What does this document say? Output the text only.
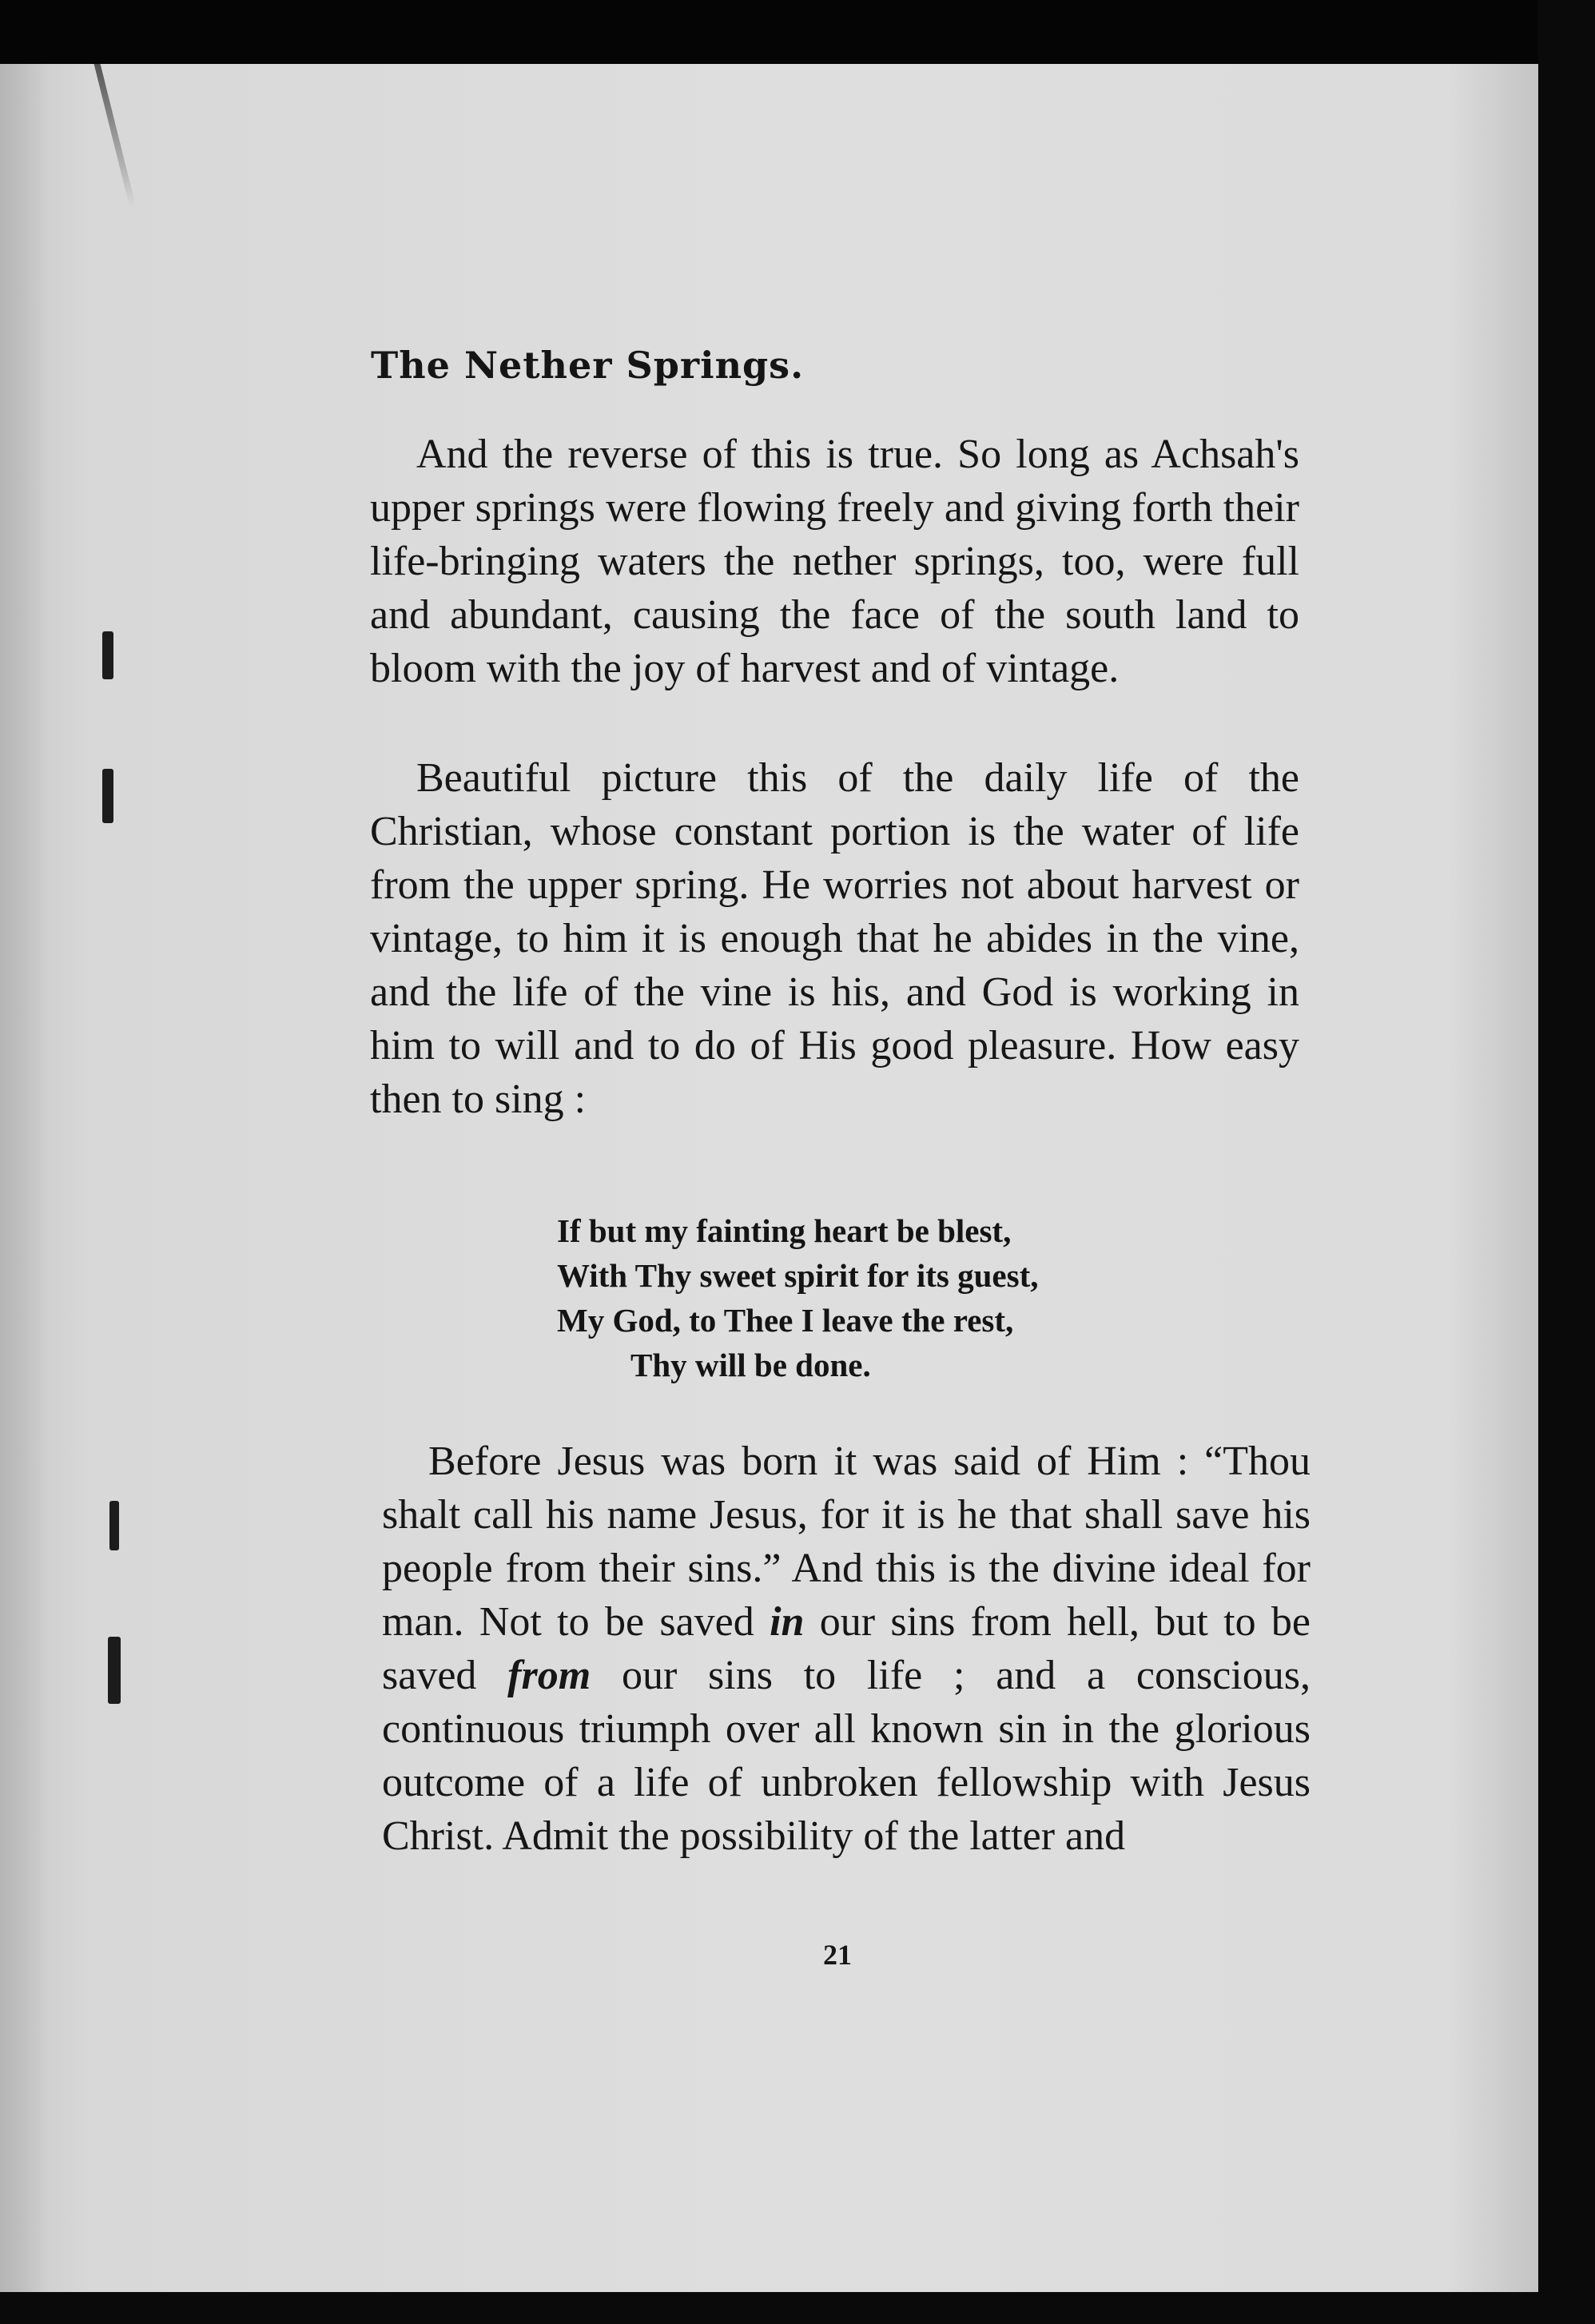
The Nether Springs.

And the reverse of this is true. So long as Achsah's upper springs were flowing freely and giving forth their life-bringing waters the nether springs, too, were full and abundant, causing the face of the south land to bloom with the joy of harvest and of vintage.

Beautiful picture this of the daily life of the Christian, whose constant portion is the water of life from the upper spring. He worries not about harvest or vintage, to him it is enough that he abides in the vine, and the life of the vine is his, and God is working in him to will and to do of His good pleasure. How easy then to sing :

If but my fainting heart be blest,
With Thy sweet spirit for its guest,
My God, to Thee I leave the rest,
Thy will be done.

Before Jesus was born it was said of Him : “Thou shalt call his name Jesus, for it is he that shall save his people from their sins.” And this is the divine ideal for man. Not to be saved in our sins from hell, but to be saved from our sins to life ; and a conscious, continuous triumph over all known sin in the glorious outcome of a life of unbroken fellowship with Jesus Christ. Admit the possibility of the latter and

21
